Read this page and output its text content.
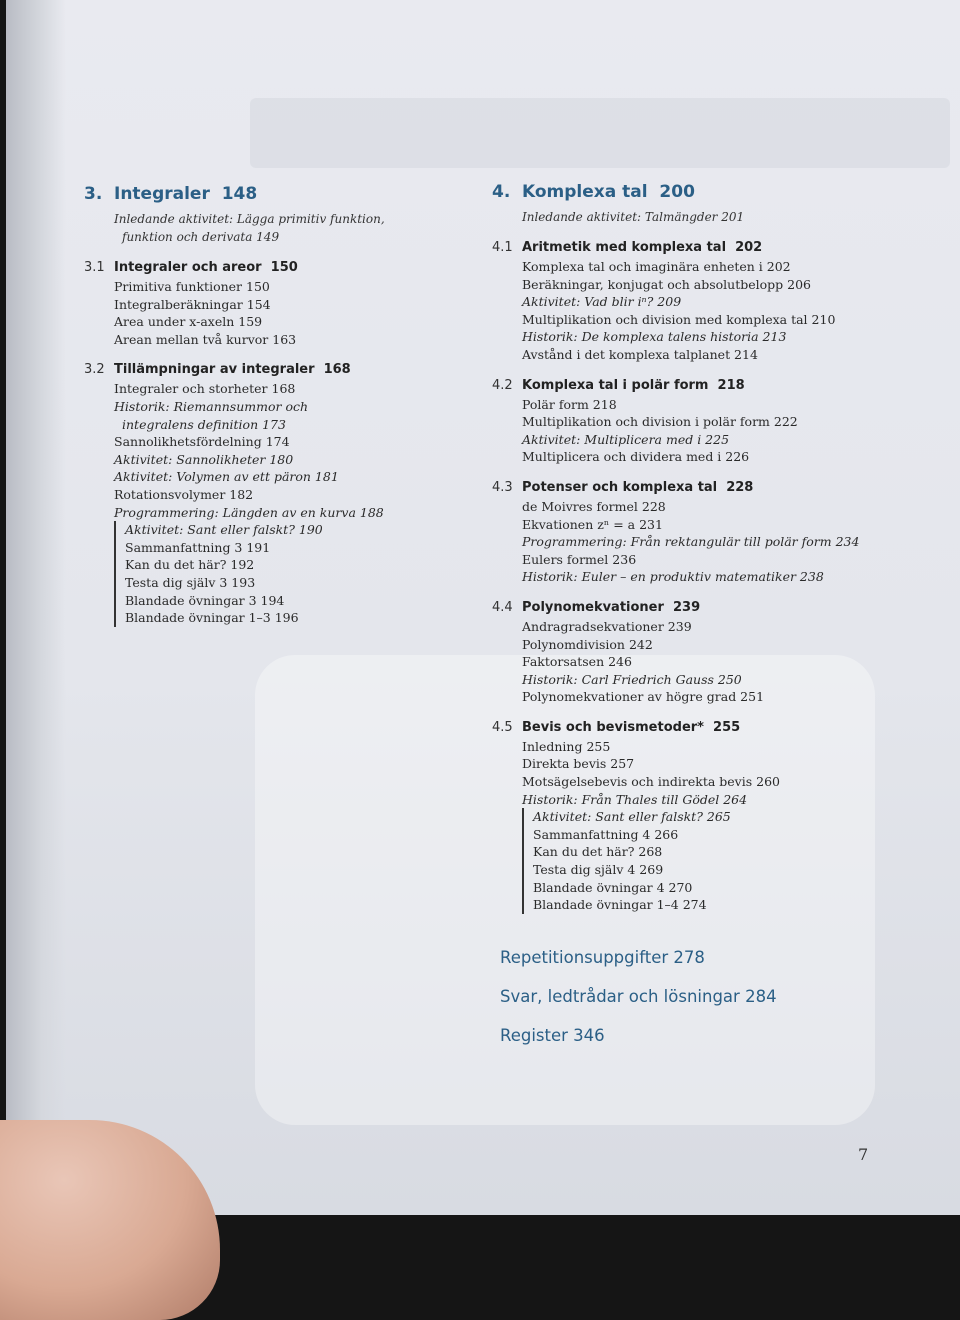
3. Integraler 148
Inledande aktivitet: Lägga primitiv funktion,
funktion och derivata 149
3.1 Integraler och areor 150
Primitiva funktioner 150
Integralberäkningar 154
Area under x-axeln 159
Arean mellan två kurvor 163
3.2 Tillämpningar av integraler 168
Integraler och storheter 168
Historik: Riemannsummor och
integralens definition 173
Sannolikhetsfördelning 174
Aktivitet: Sannolikheter 180
Aktivitet: Volymen av ett päron 181
Rotationsvolymer 182
Programmering: Längden av en kurva 188
Aktivitet: Sant eller falskt? 190
Sammanfattning 3 191
Kan du det här? 192
Testa dig själv 3 193
Blandade övningar 3 194
Blandade övningar 1–3 196
4. Komplexa tal 200
Inledande aktivitet: Talmängder 201
4.1 Aritmetik med komplexa tal 202
Komplexa tal och imaginära enheten i 202
Beräkningar, konjugat och absolutbelopp 206
Aktivitet: Vad blir iⁿ? 209
Multiplikation och division med komplexa tal 210
Historik: De komplexa talens historia 213
Avstånd i det komplexa talplanet 214
4.2 Komplexa tal i polär form 218
Polär form 218
Multiplikation och division i polär form 222
Aktivitet: Multiplicera med i 225
Multiplicera och dividera med i 226
4.3 Potenser och komplexa tal 228
de Moivres formel 228
Ekvationen zⁿ = a 231
Programmering: Från rektangulär till polär form 234
Eulers formel 236
Historik: Euler – en produktiv matematiker 238
4.4 Polynomekvationer 239
Andragradsekvationer 239
Polynomdivision 242
Faktorsatsen 246
Historik: Carl Friedrich Gauss 250
Polynomekvationer av högre grad 251
4.5 Bevis och bevismetoder* 255
Inledning 255
Direkta bevis 257
Motsägelsebevis och indirekta bevis 260
Historik: Från Thales till Gödel 264
Aktivitet: Sant eller falskt? 265
Sammanfattning 4 266
Kan du det här? 268
Testa dig själv 4 269
Blandade övningar 4 270
Blandade övningar 1–4 274
Repetitionsuppgifter 278
Svar, ledtrådar och lösningar 284
Register 346
7
